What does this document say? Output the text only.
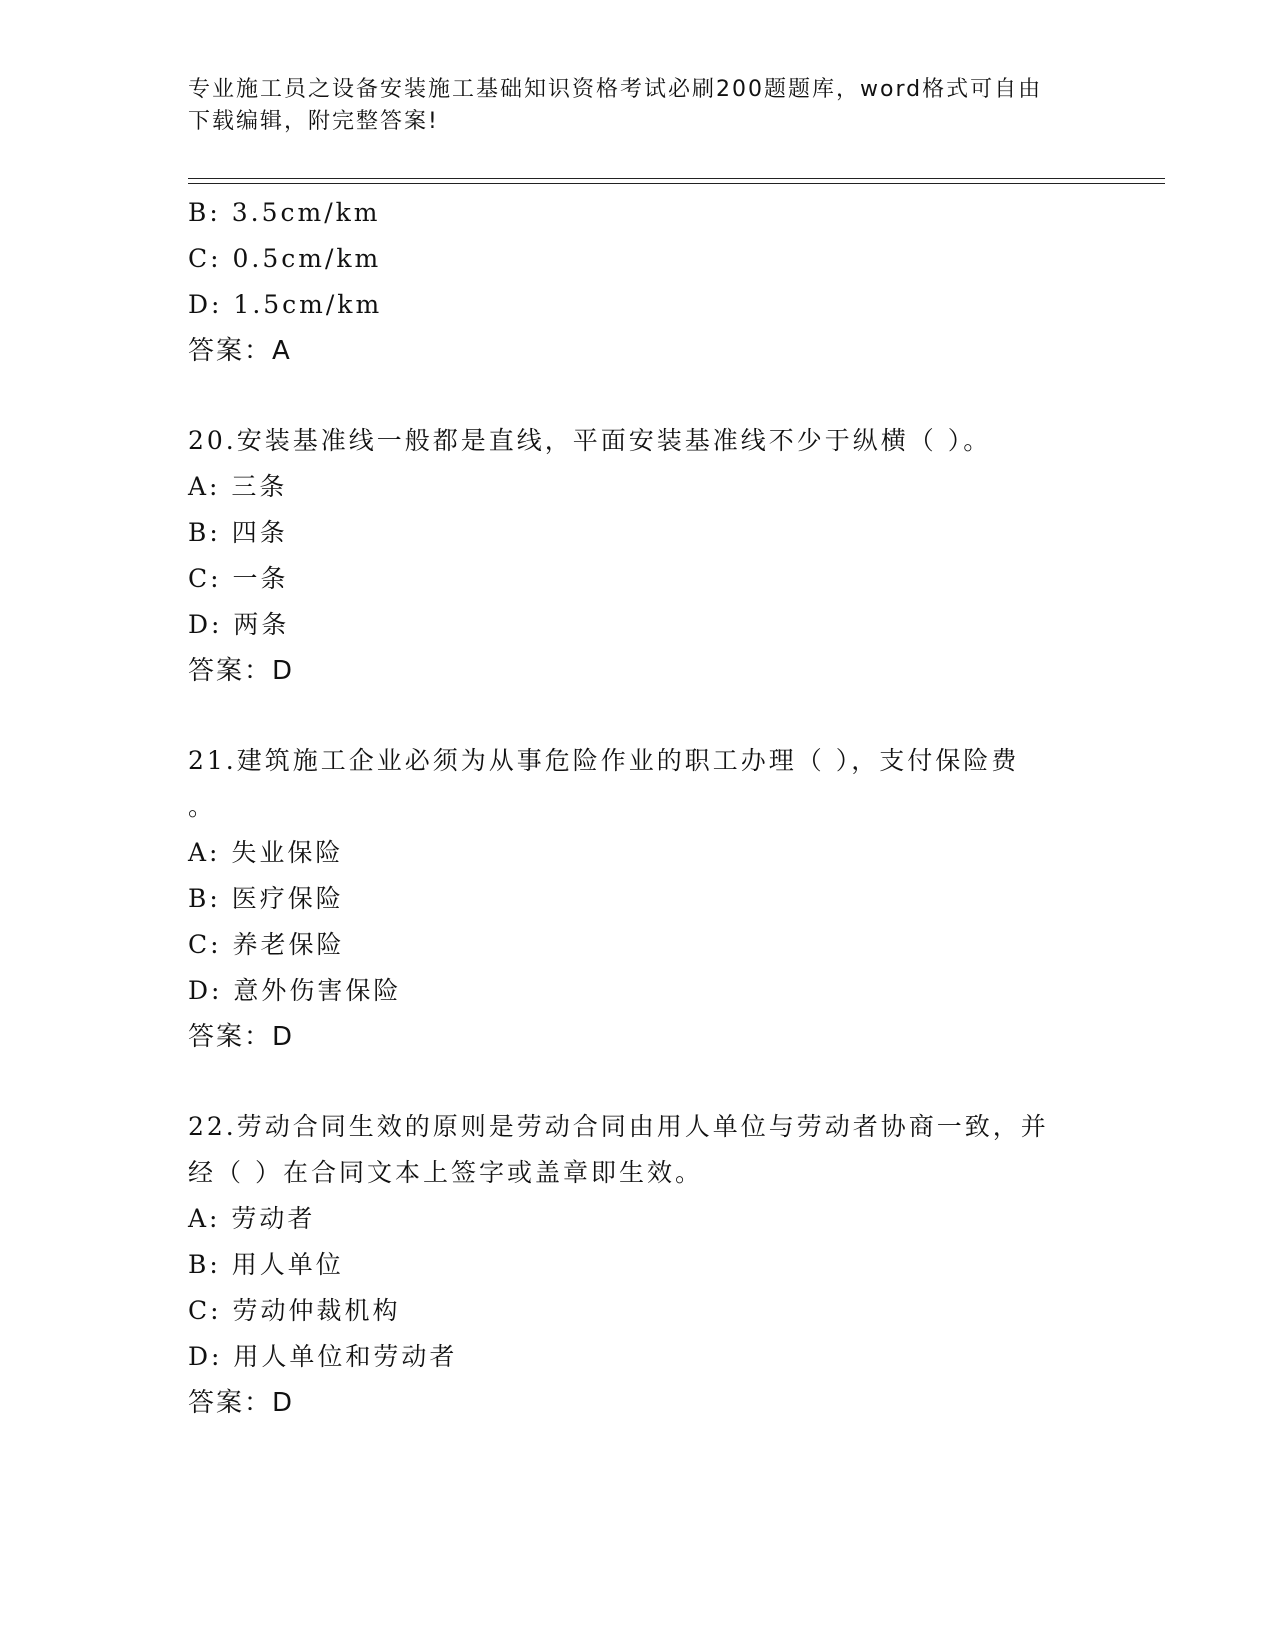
专业施工员之设备安装施工基础知识资格考试必刷200题题库，word格式可自由
下载编辑，附完整答案!
B: 3.5cm/km
C: 0.5cm/km
D: 1.5cm/km
答案：A
20.安装基准线一般都是直线，平面安装基准线不少于纵横（ ）。
A: 三条
B: 四条
C: 一条
D: 两条
答案：D
21.建筑施工企业必须为从事危险作业的职工办理（ ），支付保险费
。
A: 失业保险
B: 医疗保险
C: 养老保险
D: 意外伤害保险
答案：D
22.劳动合同生效的原则是劳动合同由用人单位与劳动者协商一致，并
经（ ）在合同文本上签字或盖章即生效。
A: 劳动者
B: 用人单位
C: 劳动仲裁机构
D: 用人单位和劳动者
答案：D
